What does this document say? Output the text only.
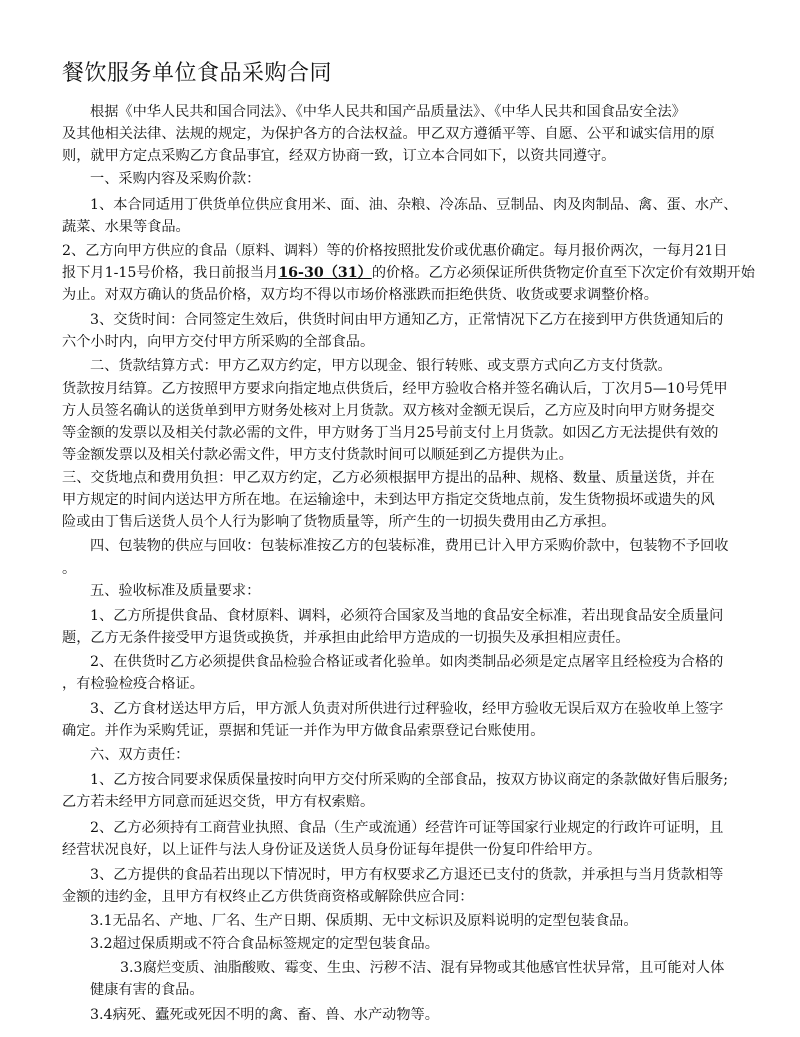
餐饮服务单位食品采购合同
根据《中华人民共和国合同法》、《中华人民共和国产品质量法》、《中华人民共和国食品安全法》
及其他相关法律、法规的规定，为保护各方的合法权益。甲乙双方遵循平等、自愿、公平和诚实信用的原
则，就甲方定点采购乙方食品事宜，经双方协商一致，订立本合同如下，以资共同遵守。
一、采购内容及采购价款：
1、本合同适用丁供货单位供应食用米、面、油、杂粮、冷冻品、豆制品、肉及肉制品、禽、蛋、水产、
蔬菜、水果等食品。
2、乙方向甲方供应的食品（原料、调料）等的价格按照批发价或优惠价确定。每月报价两次，一每月21日
报下月1-15号价格，我日前报当月16-30（31）的价格。乙方必须保证所供货物定价直至下次定价有效期开始
为止。对双方确认的货品价格，双方均不得以市场价格涨跌而拒绝供货、收货或要求调整价格。
3、交货时间：合同签定生效后，供货时间由甲方通知乙方，正常情况下乙方在接到甲方供货通知后的
六个小时内，向甲方交付甲方所采购的全部食品。
二、货款结算方式：甲方乙双方约定，甲方以现金、银行转账、或支票方式向乙方支付货款。
货款按月结算。乙方按照甲方要求向指定地点供货后，经甲方验收合格并签名确认后，丁次月5—10号凭甲
方人员签名确认的送货单到甲方财务处核对上月货款。双方核对金额无误后，乙方应及时向甲方财务提交
等金额的发票以及相关付款必需的文件，甲方财务丁当月25号前支付上月货款。如因乙方无法提供有效的
等金额发票以及相关付款必需文件，甲方支付货款时间可以顺延到乙方提供为止。
三、交货地点和费用负担：甲乙双方约定，乙方必须根据甲方提出的品种、规格、数量、质量送货，并在
甲方规定的时间内送达甲方所在地。在运输途中，未到达甲方指定交货地点前，发生货物损坏或遗失的风
险或由丁售后送货人员个人行为影响了货物质量等，所产生的一切损失费用由乙方承担。
四、包装物的供应与回收：包装标准按乙方的包装标准，费用已计入甲方采购价款中，包装物不予回收
。
五、验收标准及质量要求：
1、乙方所提供食品、食材原料、调料，必须符合国家及当地的食品安全标准，若出现食品安全质量问
题，乙方无条件接受甲方退货或换货，并承担由此给甲方造成的一切损失及承担相应责任。
2、在供货时乙方必须提供食品检验合格证或者化验单。如肉类制品必须是定点屠宰且经检疫为合格的
，有检验检疫合格证。
3、乙方食材送达甲方后，甲方派人负责对所供进行过秤验收，经甲方验收无误后双方在验收单上签字
确定。并作为采购凭证，票据和凭证一并作为甲方做食品索票登记台账使用。
六、双方责任：
1、乙方按合同要求保质保量按时向甲方交付所采购的全部食品，按双方协议商定的条款做好售后服务;
乙方若未经甲方同意而延迟交货，甲方有权索赔。
2、乙方必须持有工商营业执照、食品（生产或流通）经营许可证等国家行业规定的行政许可证明，且
经营状况良好，以上证件与法人身份证及送货人员身份证每年提供一份复印件给甲方。
3、乙方提供的食品若出现以下情况时，甲方有权要求乙方退还已支付的货款，并承担与当月货款相等
金额的违约金，且甲方有权终止乙方供货商资格或解除供应合同：
3.1无品名、产地、厂名、生产日期、保质期、无中文标识及原料说明的定型包装食品。
3.2超过保质期或不符合食品标签规定的定型包装食品。
3.3腐烂变质、油脂酸败、霉变、生虫、污秽不洁、混有异物或其他感官性状异常，且可能对人体
健康有害的食品。
3.4病死、蠹死或死因不明的禽、畜、兽、水产动物等。
